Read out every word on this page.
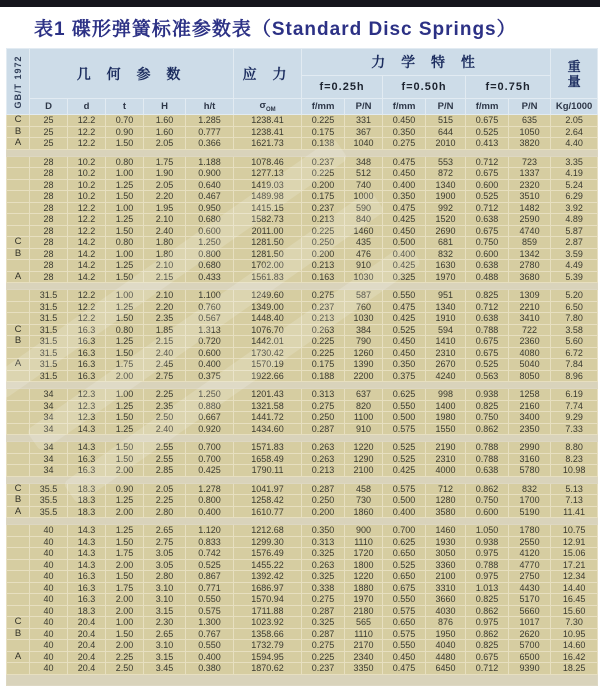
表1 碟形弹簧标准参数表（Standard Disc Springs）
GB/T 1972	几 何 参 数					应 力	力 学 特 性						重量
							f=0.25h		f=0.50h		f=0.75h		
	D	d	t	H	h/t	$\sigma_{OM}$	f/mm	P/N	f/mm	P/N	f/mm	P/N	Kg/1000
C	25	12.2	0.70	1.60	1.285	1238.41	0.225	331	0.450	515	0.675	635	2.05
B	25	12.2	0.90	1.60	0.777	1238.41	0.175	367	0.350	644	0.525	1050	2.64
A	25	12.2	1.50	2.05	0.366	1621.73	0.138	1040	0.275	2010	0.413	3820	4.40

	28	10.2	0.80	1.75	1.188	1078.46	0.237	348	0.475	553	0.712	723	3.35
	28	10.2	1.00	1.90	0.900	1277.13	0.225	512	0.450	872	0.675	1337	4.19
	28	10.2	1.25	2.05	0.640	1419.03	0.200	740	0.400	1340	0.600	2320	5.24
	28	10.2	1.50	2.20	0.467	1489.98	0.175	1000	0.350	1900	0.525	3510	6.29
	28	12.2	1.00	1.95	0.950	1415.15	0.237	590	0.475	992	0.712	1482	3.92
	28	12.2	1.25	2.10	0.680	1582.73	0.213	840	0.425	1520	0.638	2590	4.89
	28	12.2	1.50	2.40	0.600	2011.00	0.225	1460	0.450	2690	0.675	4740	5.87
C	28	14.2	0.80	1.80	1.250	1281.50	0.250	435	0.500	681	0.750	859	2.87
B	28	14.2	1.00	1.80	0.800	1281.50	0.200	476	0.400	832	0.600	1342	3.59
	28	14.2	1.25	2.10	0.680	1702.00	0.213	910	0.425	1630	0.638	2780	4.49
A	28	14.2	1.50	2.15	0.433	1561.83	0.163	1030	0.325	1970	0.488	3680	5.39

	31.5	12.2	1.00	2.10	1.100	1249.60	0.275	587	0.550	951	0.825	1309	5.20
	31.5	12.2	1.25	2.20	0.760	1349.00	0.237	760	0.475	1340	0.712	2210	6.50
	31.5	12.2	1.50	2.35	0.567	1448.40	0.213	1030	0.425	1910	0.638	3410	7.80
C	31.5	16.3	0.80	1.85	1.313	1076.70	0.263	384	0.525	594	0.788	722	3.58
B	31.5	16.3	1.25	2.15	0.720	1442.01	0.225	790	0.450	1410	0.675	2360	5.60
	31.5	16.3	1.50	2.40	0.600	1730.42	0.225	1260	0.450	2310	0.675	4080	6.72
A	31.5	16.3	1.75	2.45	0.400	1570.19	0.175	1390	0.350	2670	0.525	5040	7.84
	31.5	16.3	2.00	2.75	0.375	1922.66	0.188	2200	0.375	4240	0.563	8050	8.96

	34	12.3	1.00	2.25	1.250	1201.43	0.313	637	0.625	998	0.938	1258	6.19
	34	12.3	1.25	2.35	0.880	1321.58	0.275	820	0.550	1400	0.825	2160	7.74
	34	12.3	1.50	2.50	0.667	1441.72	0.250	1100	0.500	1980	0.750	3400	9.29
	34	14.3	1.25	2.40	0.920	1434.60	0.287	910	0.575	1550	0.862	2350	7.33

	34	14.3	1.50	2.55	0.700	1571.83	0.263	1220	0.525	2190	0.788	2990	8.80
	34	16.3	1.50	2.55	0.700	1658.49	0.263	1290	0.525	2310	0.788	3160	8.23
	34	16.3	2.00	2.85	0.425	1790.11	0.213	2100	0.425	4000	0.638	5780	10.98

C	35.5	18.3	0.90	2.05	1.278	1041.97	0.287	458	0.575	712	0.862	832	5.13
B	35.5	18.3	1.25	2.25	0.800	1258.42	0.250	730	0.500	1280	0.750	1700	7.13
A	35.5	18.3	2.00	2.80	0.400	1610.77	0.200	1860	0.400	3580	0.600	5190	11.41

	40	14.3	1.25	2.65	1.120	1212.68	0.350	900	0.700	1460	1.050	1780	10.75
	40	14.3	1.50	2.75	0.833	1299.30	0.313	1110	0.625	1930	0.938	2550	12.91
	40	14.3	1.75	3.05	0.742	1576.49	0.325	1720	0.650	3050	0.975	4120	15.06
	40	14.3	2.00	3.05	0.525	1455.22	0.263	1800	0.525	3360	0.788	4770	17.21
	40	16.3	1.50	2.80	0.867	1392.42	0.325	1220	0.650	2100	0.975	2750	12.34
	40	16.3	1.75	3.10	0.771	1686.97	0.338	1880	0.675	3310	1.013	4430	14.40
	40	16.3	2.00	3.10	0.550	1570.94	0.275	1970	0.550	3660	0.825	5170	16.45
	40	18.3	2.00	3.15	0.575	1711.88	0.287	2180	0.575	4030	0.862	5660	15.60
C	40	20.4	1.00	2.30	1.300	1023.92	0.325	565	0.650	876	0.975	1017	7.30
B	40	20.4	1.50	2.65	0.767	1358.66	0.287	1110	0.575	1950	0.862	2620	10.95
	40	20.4	2.00	3.10	0.550	1732.79	0.275	2170	0.550	4040	0.825	5700	14.60
A	40	20.4	2.25	3.15	0.400	1594.95	0.225	2340	0.450	4480	0.675	6500	16.42
	40	20.4	2.50	3.45	0.380	1870.62	0.237	3350	0.475	6450	0.712	9390	18.25
